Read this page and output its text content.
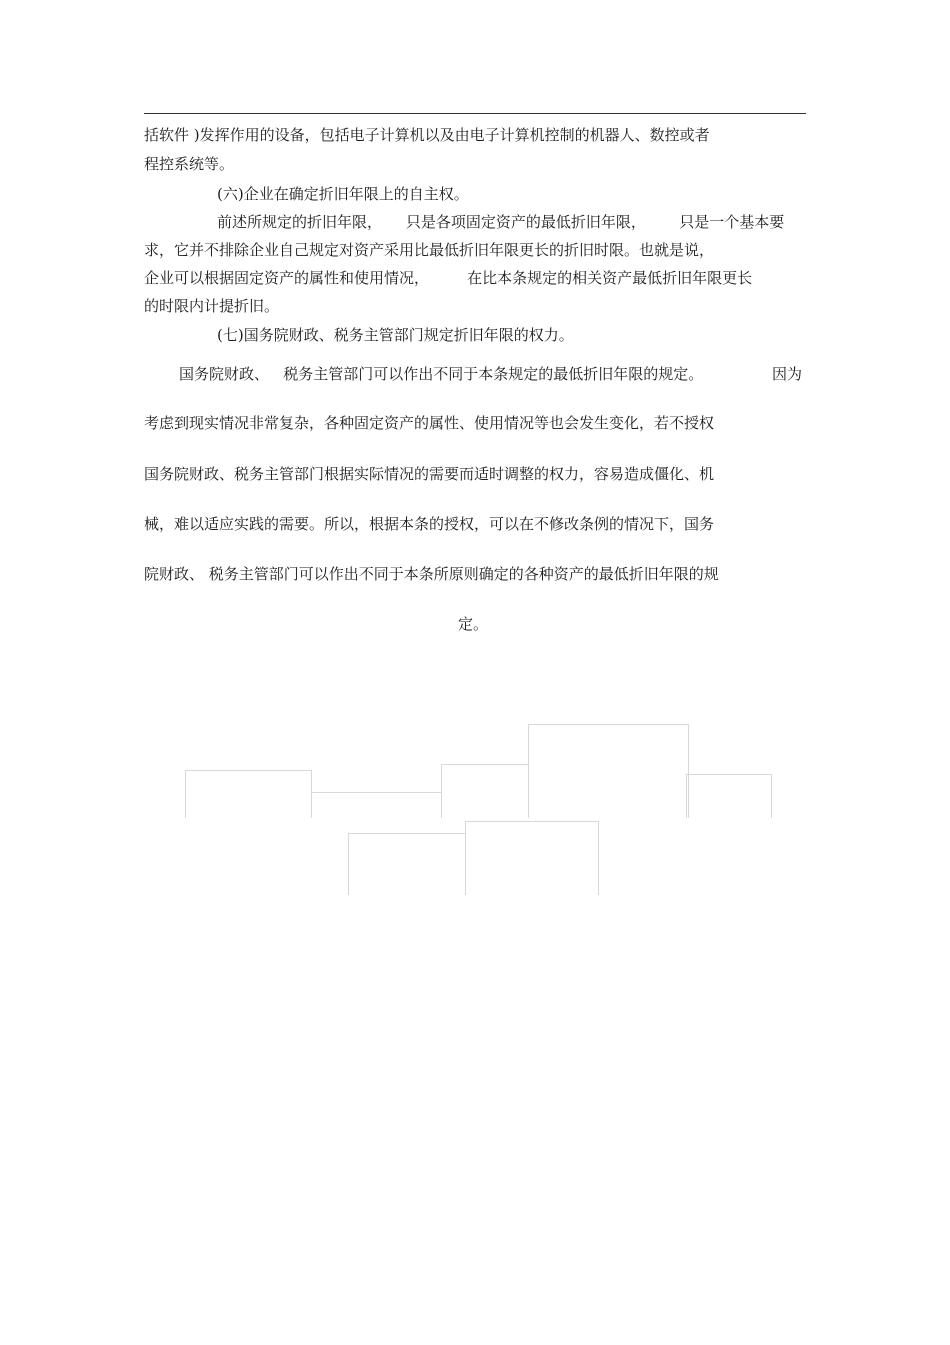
括软件 )发挥作用的设备，包括电子计算机以及由电子计算机控制的机器人、数控或者
程控系统等。
(六)企业在确定折旧年限上的自主权。
前述所规定的折旧年限，     只是各项固定资产的最低折旧年限，       只是一个基本要
求，它并不排除企业自己规定对资产采用比最低折旧年限更长的折旧时限。也就是说，
企业可以根据固定资产的属性和使用情况，        在比本条规定的相关资产最低折旧年限更长
的时限内计提折旧。
(七)国务院财政、税务主管部门规定折旧年限的权力。
国务院财政、   税务主管部门可以作出不同于本条规定的最低折旧年限的规定。	因为
考虑到现实情况非常复杂，各种固定资产的属性、使用情况等也会发生变化，若不授权
国务院财政、税务主管部门根据实际情况的需要而适时调整的权力，容易造成僵化、机
械，难以适应实践的需要。所以，根据本条的授权，可以在不修改条例的情况下，国务
院财政、 税务主管部门可以作出不同于本条所原则确定的各种资产的最低折旧年限的规
定。
